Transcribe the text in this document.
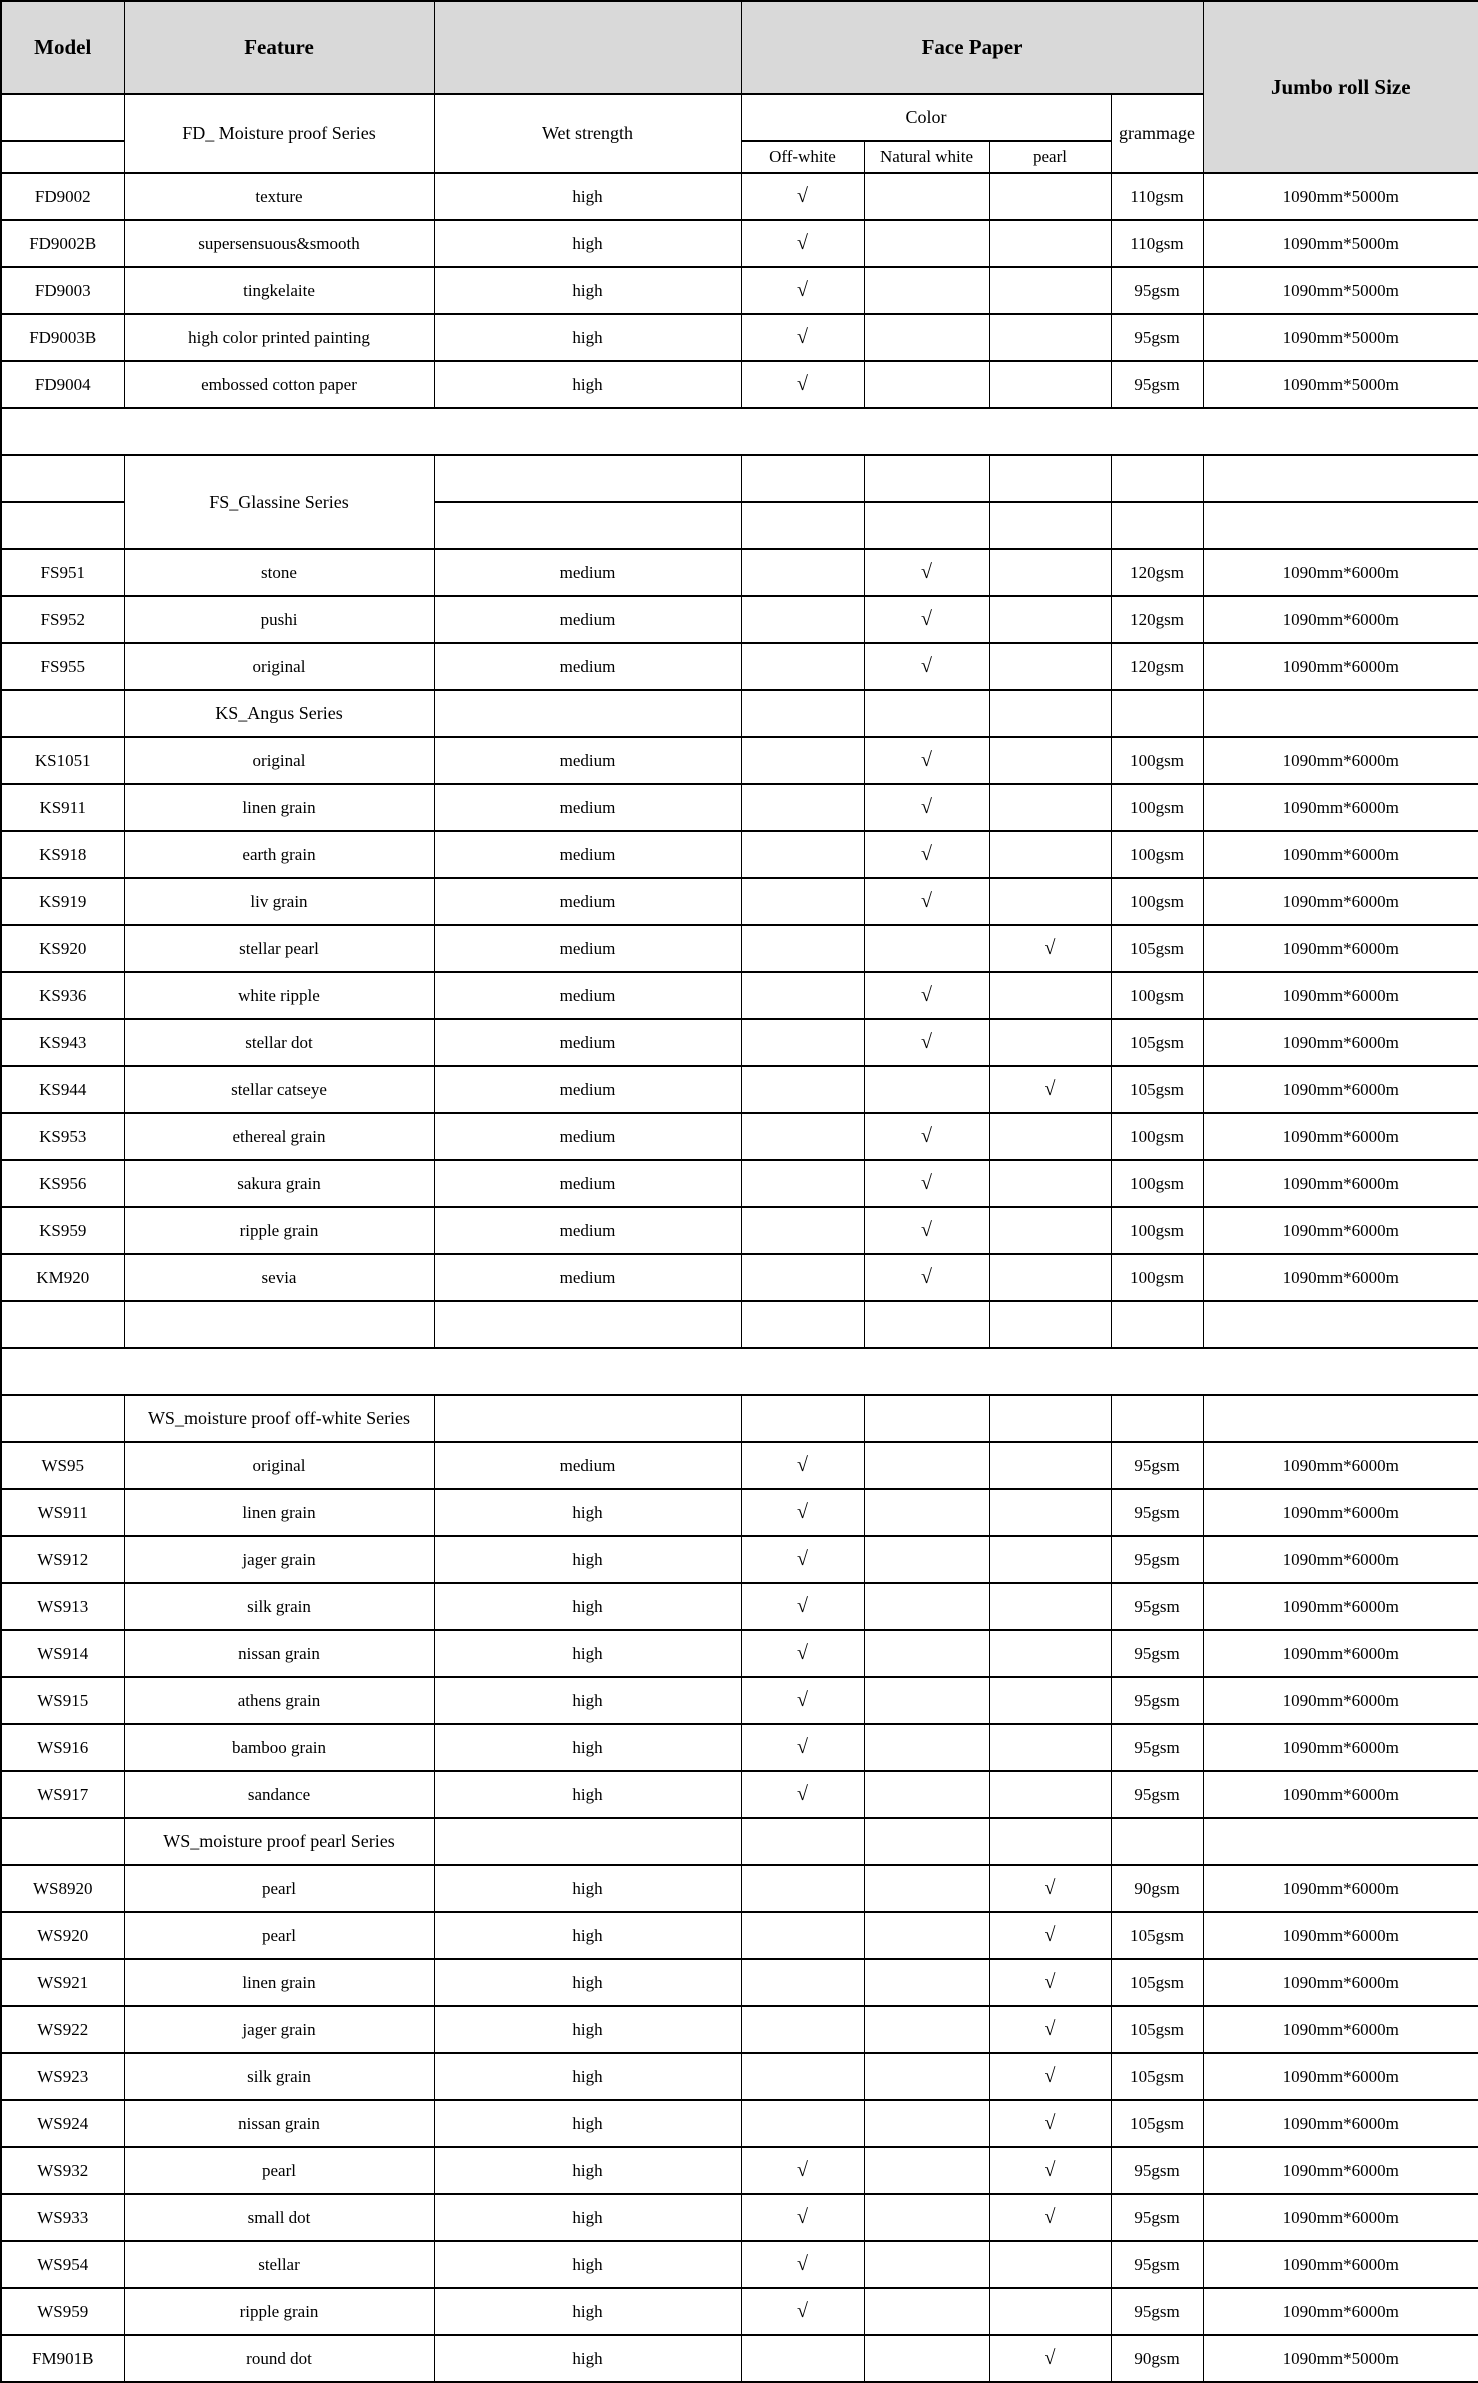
Model	Feature		Face Paper				Jumbo roll Size
	FD_ Moisture proof Series	Wet strength	Color			grammage	
			Off-white	Natural white	pearl		
FD9002	texture	high	√			110gsm	1090mm*5000m
FD9002B	supersensuous&smooth	high	√			110gsm	1090mm*5000m
FD9003	tingkelaite	high	√			95gsm	1090mm*5000m
FD9003B	high color printed painting	high	√			95gsm	1090mm*5000m
FD9004	embossed cotton paper	high	√			95gsm	1090mm*5000m

	FS_Glassine Series						

FS951	stone	medium		√		120gsm	1090mm*6000m
FS952	pushi	medium		√		120gsm	1090mm*6000m
FS955	original	medium		√		120gsm	1090mm*6000m
	KS_Angus Series						
KS1051	original	medium		√		100gsm	1090mm*6000m
KS911	linen grain	medium		√		100gsm	1090mm*6000m
KS918	earth grain	medium		√		100gsm	1090mm*6000m
KS919	liv grain	medium		√		100gsm	1090mm*6000m
KS920	stellar pearl	medium			√	105gsm	1090mm*6000m
KS936	white ripple	medium		√		100gsm	1090mm*6000m
KS943	stellar dot	medium		√		105gsm	1090mm*6000m
KS944	stellar catseye	medium			√	105gsm	1090mm*6000m
KS953	ethereal grain	medium		√		100gsm	1090mm*6000m
KS956	sakura grain	medium		√		100gsm	1090mm*6000m
KS959	ripple grain	medium		√		100gsm	1090mm*6000m
KM920	sevia	medium		√		100gsm	1090mm*6000m

	WS_moisture proof off-white Series						
WS95	original	medium	√			95gsm	1090mm*6000m
WS911	linen grain	high	√			95gsm	1090mm*6000m
WS912	jager grain	high	√			95gsm	1090mm*6000m
WS913	silk grain	high	√			95gsm	1090mm*6000m
WS914	nissan grain	high	√			95gsm	1090mm*6000m
WS915	athens grain	high	√			95gsm	1090mm*6000m
WS916	bamboo grain	high	√			95gsm	1090mm*6000m
WS917	sandance	high	√			95gsm	1090mm*6000m
	WS_moisture proof pearl Series						
WS8920	pearl	high			√	90gsm	1090mm*6000m
WS920	pearl	high			√	105gsm	1090mm*6000m
WS921	linen grain	high			√	105gsm	1090mm*6000m
WS922	jager grain	high			√	105gsm	1090mm*6000m
WS923	silk grain	high			√	105gsm	1090mm*6000m
WS924	nissan grain	high			√	105gsm	1090mm*6000m
WS932	pearl	high	√		√	95gsm	1090mm*6000m
WS933	small dot	high	√		√	95gsm	1090mm*6000m
WS954	stellar	high	√			95gsm	1090mm*6000m
WS959	ripple grain	high	√			95gsm	1090mm*6000m
FM901B	round dot	high			√	90gsm	1090mm*5000m
